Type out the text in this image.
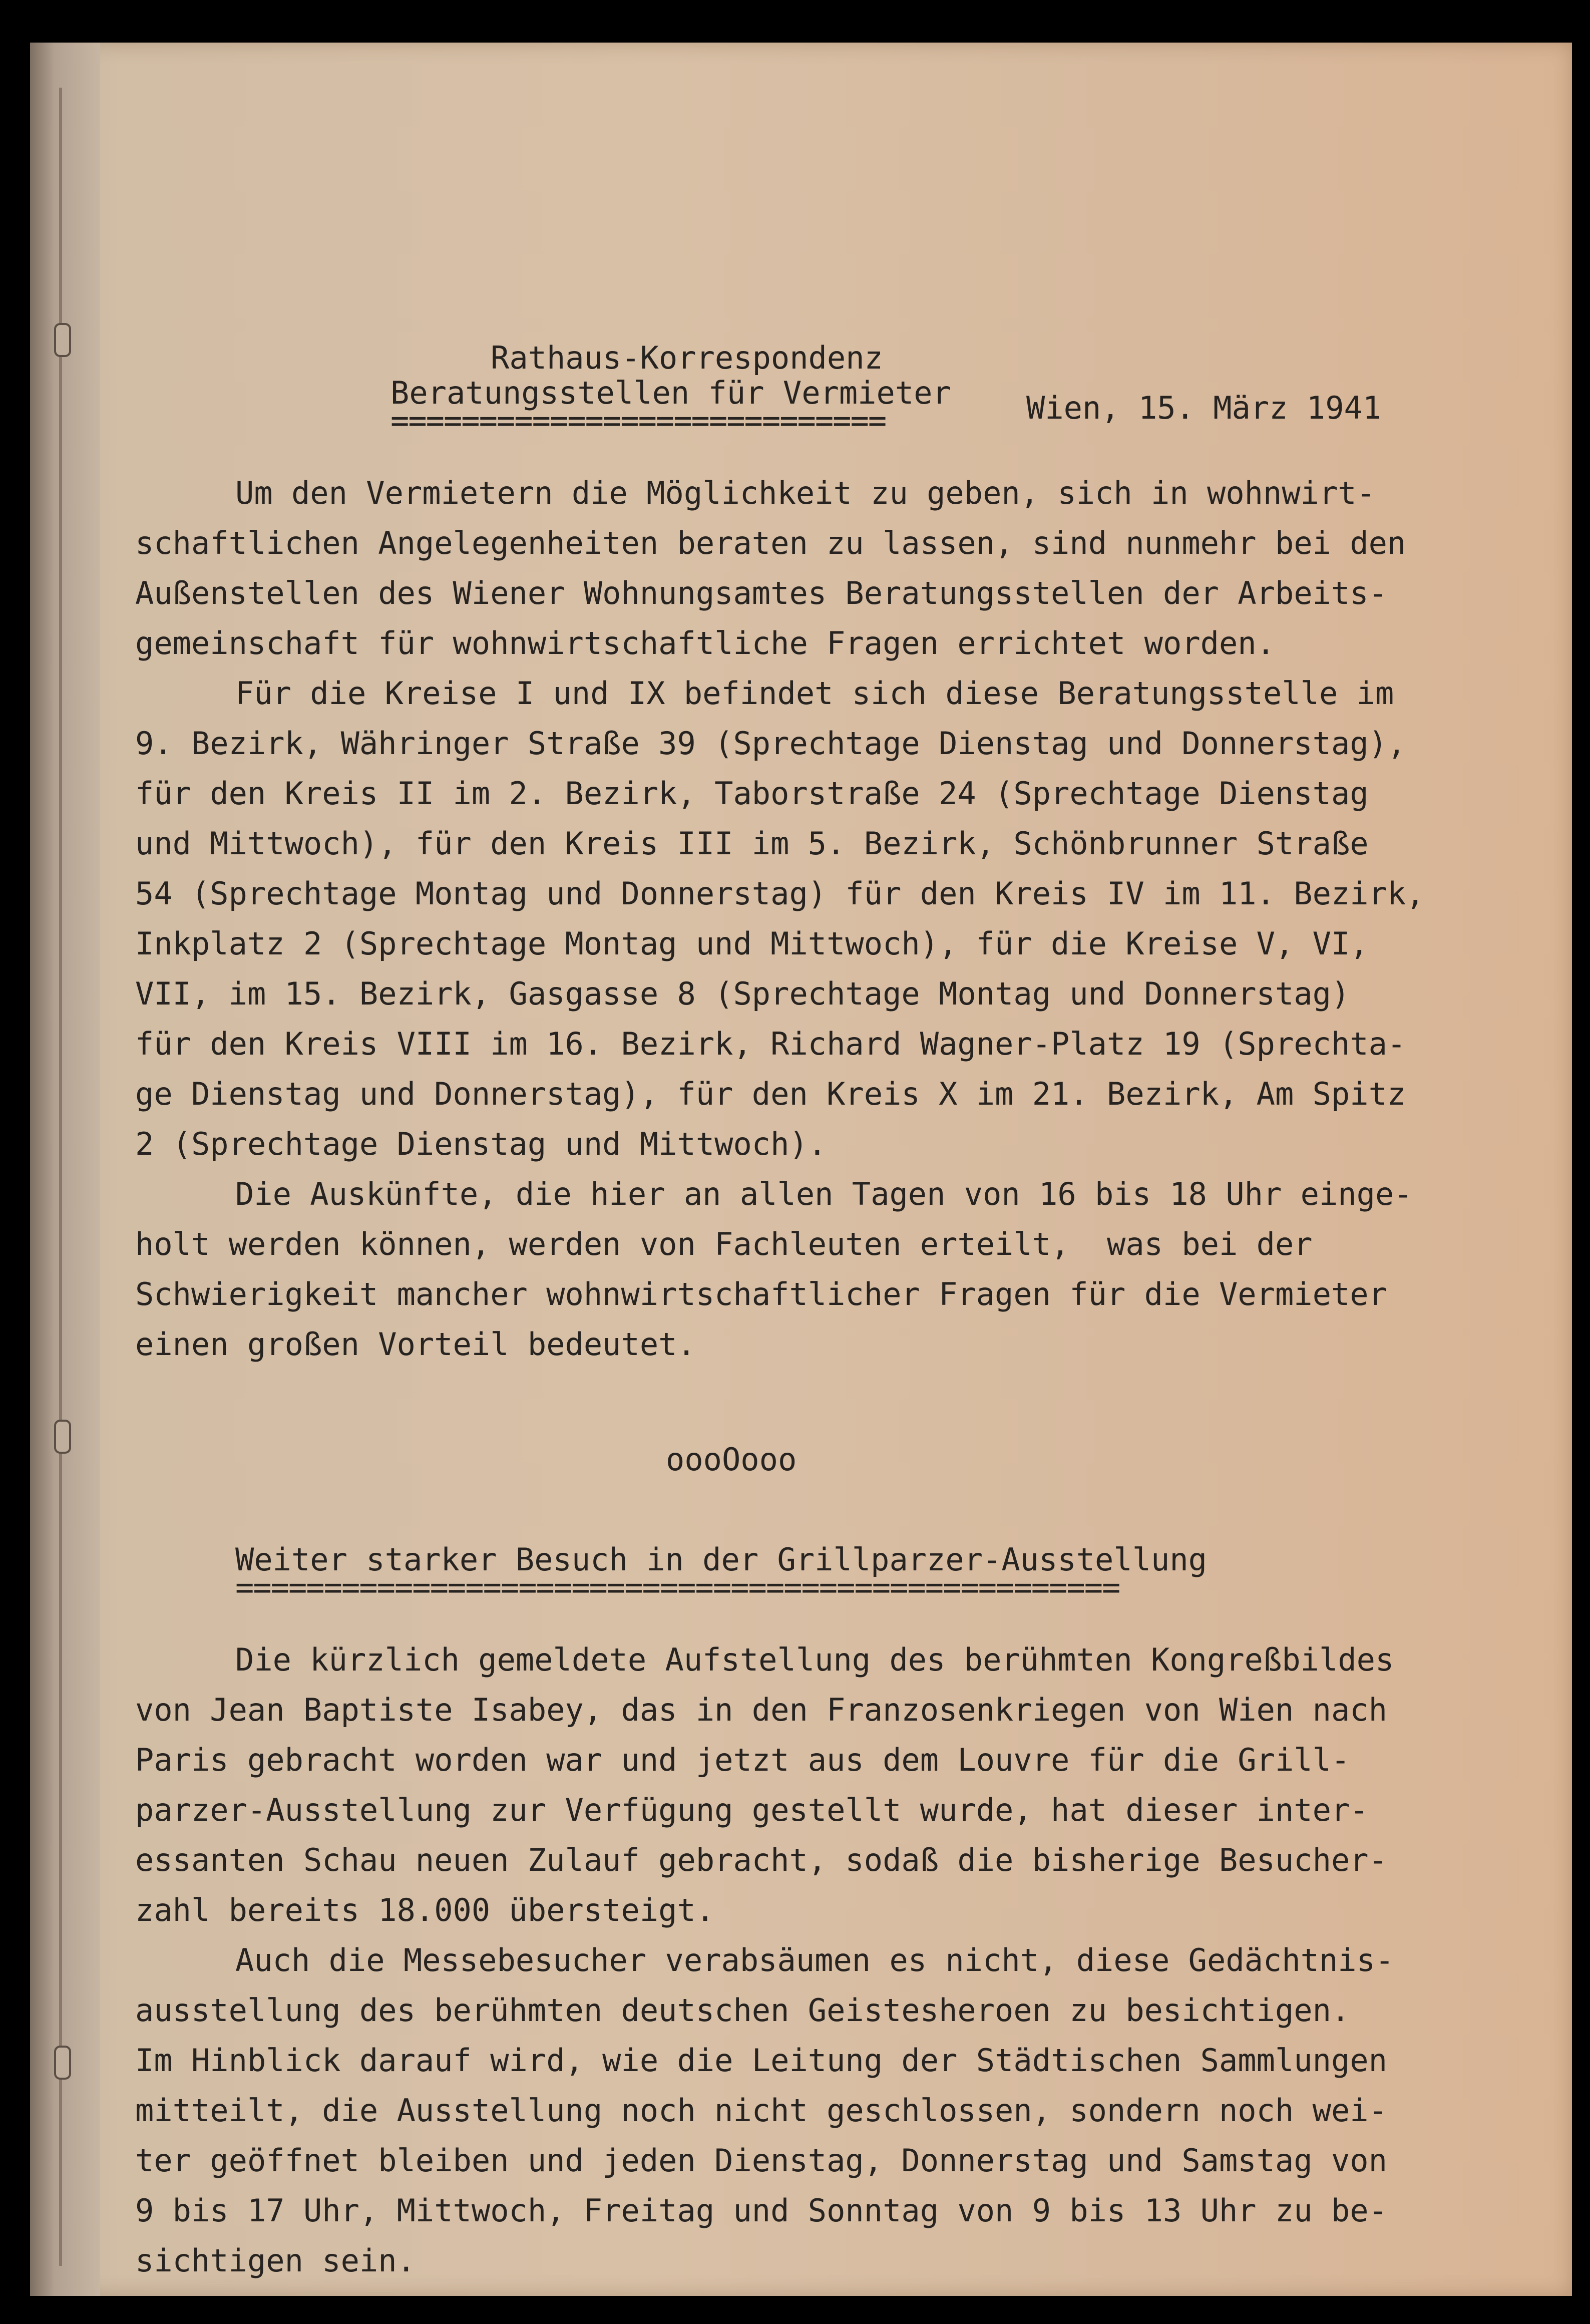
Rathaus-Korrespondenz

Wien, 15. März 1941

Beratungsstellen für Vermieter
============================
Um den Vermietern die Möglichkeit zu geben, sich in wohnwirt-
schaftlichen Angelegenheiten beraten zu lassen, sind nunmehr bei den
Außenstellen des Wiener Wohnungsamtes Beratungsstellen der Arbeits-
gemeinschaft für wohnwirtschaftliche Fragen errichtet worden.
Für die Kreise I und IX befindet sich diese Beratungsstelle im
9. Bezirk, Währinger Straße 39 (Sprechtage Dienstag und Donnerstag),
für den Kreis II im 2. Bezirk, Taborstraße 24 (Sprechtage Dienstag
und Mittwoch), für den Kreis III im 5. Bezirk, Schönbrunner Straße
54 (Sprechtage Montag und Donnerstag) für den Kreis IV im 11. Bezirk,
Inkplatz 2 (Sprechtage Montag und Mittwoch), für die Kreise V, VI,
VII, im 15. Bezirk, Gasgasse 8 (Sprechtage Montag und Donnerstag)
für den Kreis VIII im 16. Bezirk, Richard Wagner-Platz 19 (Sprechta-
ge Dienstag und Donnerstag), für den Kreis X im 21. Bezirk, Am Spitz
2 (Sprechtage Dienstag und Mittwoch).
Die Auskünfte, die hier an allen Tagen von 16 bis 18 Uhr einge-
holt werden können, werden von Fachleuten erteilt,  was bei der
Schwierigkeit mancher wohnwirtschaftlicher Fragen für die Vermieter
einen großen Vorteil bedeutet.
oooOooo
Weiter starker Besuch in der Grillparzer-Ausstellung
==================================================
Die kürzlich gemeldete Aufstellung des berühmten Kongreßbildes
von Jean Baptiste Isabey, das in den Franzosenkriegen von Wien nach
Paris gebracht worden war und jetzt aus dem Louvre für die Grill-
parzer-Ausstellung zur Verfügung gestellt wurde, hat dieser inter-
essanten Schau neuen Zulauf gebracht, sodaß die bisherige Besucher-
zahl bereits 18.000 übersteigt.
Auch die Messebesucher verabsäumen es nicht, diese Gedächtnis-
ausstellung des berühmten deutschen Geistesheroen zu besichtigen.
Im Hinblick darauf wird, wie die Leitung der Städtischen Sammlungen
mitteilt, die Ausstellung noch nicht geschlossen, sondern noch wei-
ter geöffnet bleiben und jeden Dienstag, Donnerstag und Samstag von
9 bis 17 Uhr, Mittwoch, Freitag und Sonntag von 9 bis 13 Uhr zu be-
sichtigen sein.
